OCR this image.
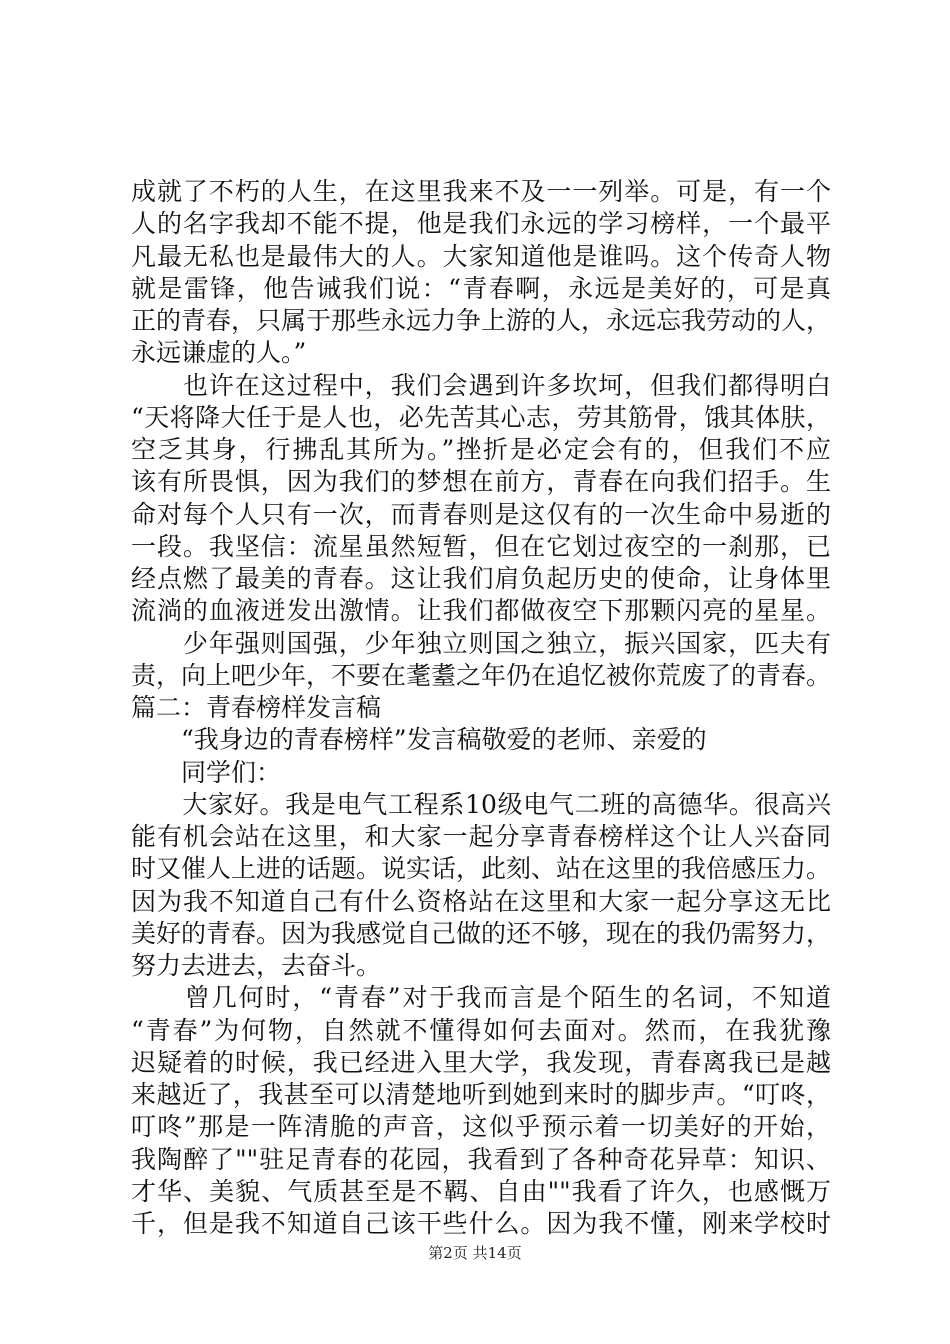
成就了不朽的人生，在这里我来不及一一列举。可是，有一个
人的名字我却不能不提，他是我们永远的学习榜样，一个最平
凡最无私也是最伟大的人。大家知道他是谁吗。这个传奇人物
就是雷锋，他告诫我们说：“青春啊，永远是美好的，可是真
正的青春，只属于那些永远力争上游的人，永远忘我劳动的人，
永远谦虚的人。”
　　也许在这过程中，我们会遇到许多坎坷，但我们都得明白
“天将降大任于是人也，必先苦其心志，劳其筋骨，饿其体肤，
空乏其身，行拂乱其所为。”挫折是必定会有的，但我们不应
该有所畏惧，因为我们的梦想在前方，青春在向我们招手。生
命对每个人只有一次，而青春则是这仅有的一次生命中易逝的
一段。我坚信：流星虽然短暂，但在它划过夜空的一刹那，已
经点燃了最美的青春。这让我们肩负起历史的使命，让身体里
流淌的血液迸发出激情。让我们都做夜空下那颗闪亮的星星。
　　少年强则国强，少年独立则国之独立，振兴国家，匹夫有
责，向上吧少年，不要在耄耋之年仍在追忆被你荒废了的青春。
篇二：青春榜样发言稿
　　“我身边的青春榜样”发言稿敬爱的老师、亲爱的
　　同学们：
　　大家好。我是电气工程系10级电气二班的高德华。很高兴
能有机会站在这里，和大家一起分享青春榜样这个让人兴奋同
时又催人上进的话题。说实话，此刻、站在这里的我倍感压力。
因为我不知道自己有什么资格站在这里和大家一起分享这无比
美好的青春。因为我感觉自己做的还不够，现在的我仍需努力，
努力去进去，去奋斗。
　　曾几何时，“青春”对于我而言是个陌生的名词，不知道
“青春”为何物，自然就不懂得如何去面对。然而，在我犹豫
迟疑着的时候，我已经进入里大学，我发现，青春离我已是越
来越近了，我甚至可以清楚地听到她到来时的脚步声。“叮咚，
叮咚”那是一阵清脆的声音，这似乎预示着一切美好的开始，
我陶醉了""驻足青春的花园，我看到了各种奇花异草：知识、
才华、美貌、气质甚至是不羁、自由""我看了许久，也感慨万
千，但是我不知道自己该干些什么。因为我不懂，刚来学校时
第2页 共14页
